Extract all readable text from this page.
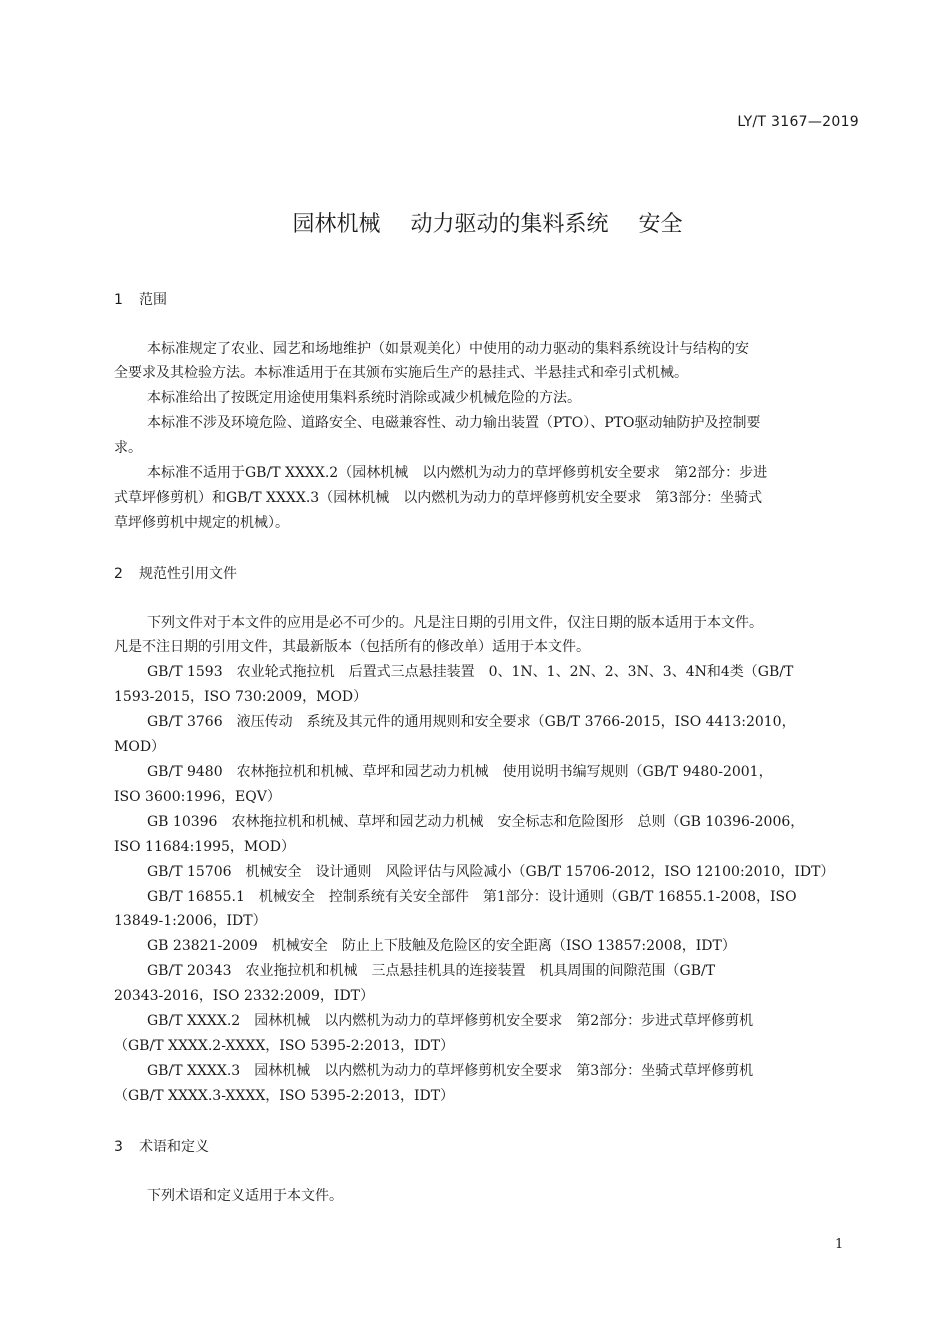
LY/T 3167—2019
园林机械 动力驱动的集料系统 安全
1 范围
本标准规定了农业、园艺和场地维护（如景观美化）中使用的动力驱动的集料系统设计与结构的安
全要求及其检验方法。本标准适用于在其颁布实施后生产的悬挂式、半悬挂式和牵引式机械。
本标准给出了按既定用途使用集料系统时消除或减少机械危险的方法。
本标准不涉及环境危险、道路安全、电磁兼容性、动力输出装置（PTO）、PTO驱动轴防护及控制要
求。
本标准不适用于GB/T XXXX.2（园林机械　以内燃机为动力的草坪修剪机安全要求　第2部分：步进
式草坪修剪机）和GB/T XXXX.3（园林机械　以内燃机为动力的草坪修剪机安全要求　第3部分：坐骑式
草坪修剪机中规定的机械）。
2 规范性引用文件
下列文件对于本文件的应用是必不可少的。凡是注日期的引用文件，仅注日期的版本适用于本文件。
凡是不注日期的引用文件，其最新版本（包括所有的修改单）适用于本文件。
GB/T 1593　农业轮式拖拉机　后置式三点悬挂装置　0、1N、1、2N、2、3N、3、4N和4类（GB/T
1593-2015，ISO 730:2009，MOD）
GB/T 3766　液压传动　系统及其元件的通用规则和安全要求（GB/T 3766-2015，ISO 4413:2010，
MOD）
GB/T 9480　农林拖拉机和机械、草坪和园艺动力机械　使用说明书编写规则（GB/T 9480-2001，
ISO 3600:1996，EQV）
GB 10396　农林拖拉机和机械、草坪和园艺动力机械　安全标志和危险图形　总则（GB 10396-2006，
ISO 11684:1995，MOD）
GB/T 15706　机械安全　设计通则　风险评估与风险减小（GB/T 15706-2012，ISO 12100:2010，IDT）
GB/T 16855.1　机械安全　控制系统有关安全部件　第1部分：设计通则（GB/T 16855.1-2008，ISO
13849-1:2006，IDT）
GB 23821-2009　机械安全　防止上下肢触及危险区的安全距离（ISO 13857:2008，IDT）
GB/T 20343　农业拖拉机和机械　三点悬挂机具的连接装置　机具周围的间隙范围（GB/T
20343-2016，ISO 2332:2009，IDT）
GB/T XXXX.2　园林机械　以内燃机为动力的草坪修剪机安全要求　第2部分：步进式草坪修剪机
（GB/T XXXX.2-XXXX，ISO 5395-2:2013，IDT）
GB/T XXXX.3　园林机械　以内燃机为动力的草坪修剪机安全要求　第3部分：坐骑式草坪修剪机
（GB/T XXXX.3-XXXX，ISO 5395-2:2013，IDT）
3 术语和定义
下列术语和定义适用于本文件。
1
